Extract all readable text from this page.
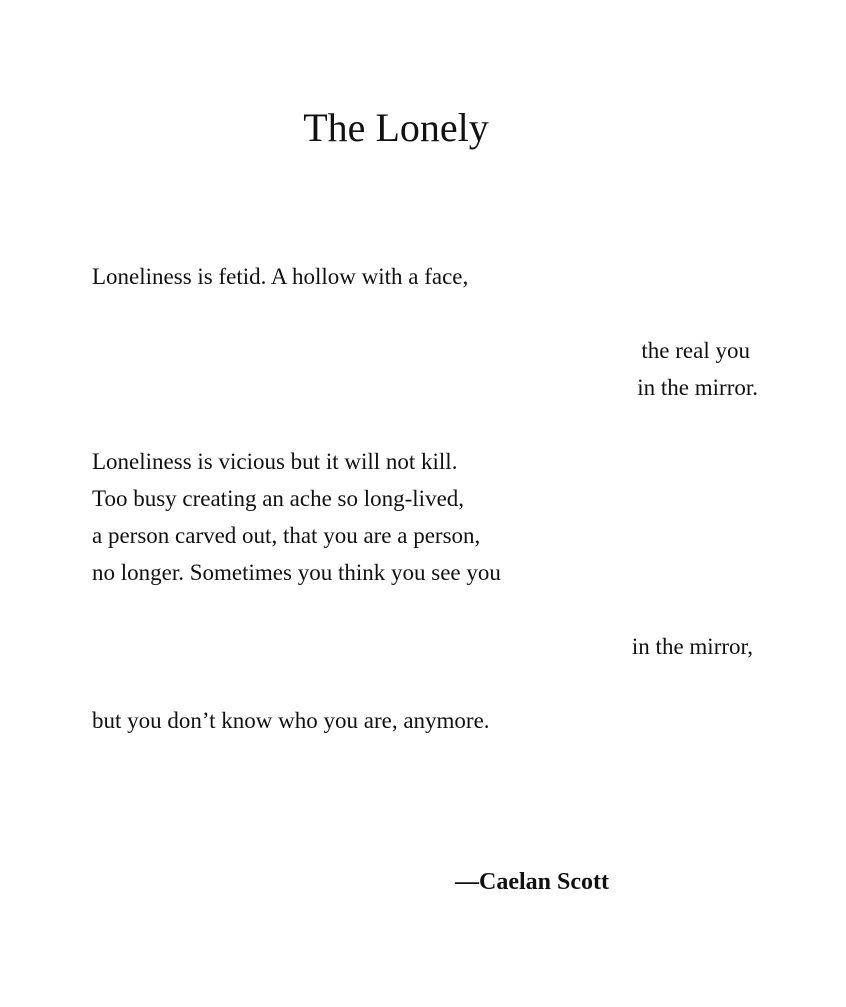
The Lonely
Loneliness is fetid. A hollow with a face,
the real you
in the mirror.
Loneliness is vicious but it will not kill.
Too busy creating an ache so long-lived,
a person carved out, that you are a person,
no longer. Sometimes you think you see you
in the mirror,
but you don’t know who you are, anymore.
—Caelan Scott
